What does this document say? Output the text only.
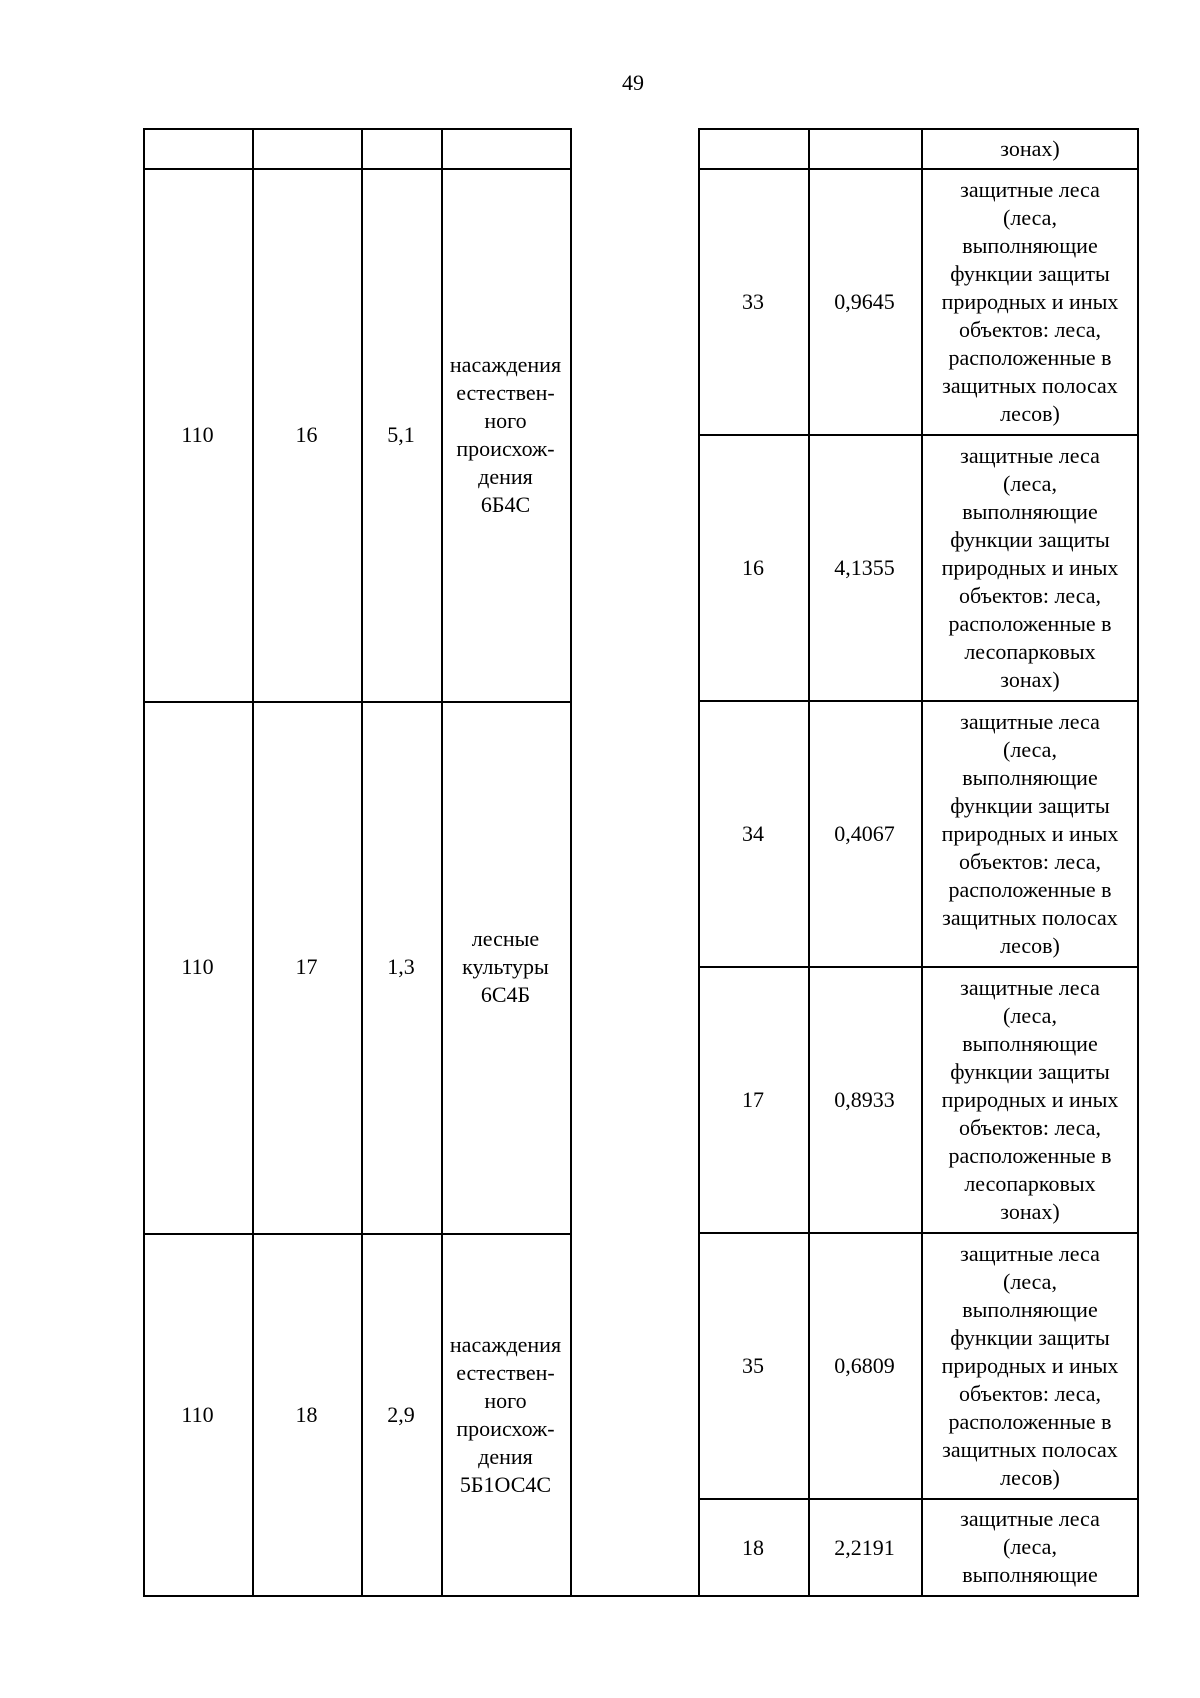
49
зонах)
110	16	5,1
насаждения
естествен-
ного
происхож-
дения
6Б4С
110	17	1,3
лесные
культуры
6С4Б
110	18	2,9
насаждения
естествен-
ного
происхож-
дения
5Б1ОС4С
33	0,9645
защитные леса
(леса,
выполняющие
функции защиты
природных и иных
объектов: леса,
расположенные в
защитных полосах
лесов)
16	4,1355
защитные леса
(леса,
выполняющие
функции защиты
природных и иных
объектов: леса,
расположенные в
лесопарковых
зонах)
34	0,4067
защитные леса
(леса,
выполняющие
функции защиты
природных и иных
объектов: леса,
расположенные в
защитных полосах
лесов)
17	0,8933
защитные леса
(леса,
выполняющие
функции защиты
природных и иных
объектов: леса,
расположенные в
лесопарковых
зонах)
35	0,6809
защитные леса
(леса,
выполняющие
функции защиты
природных и иных
объектов: леса,
расположенные в
защитных полосах
лесов)
18	2,2191
защитные леса
(леса,
выполняющие
